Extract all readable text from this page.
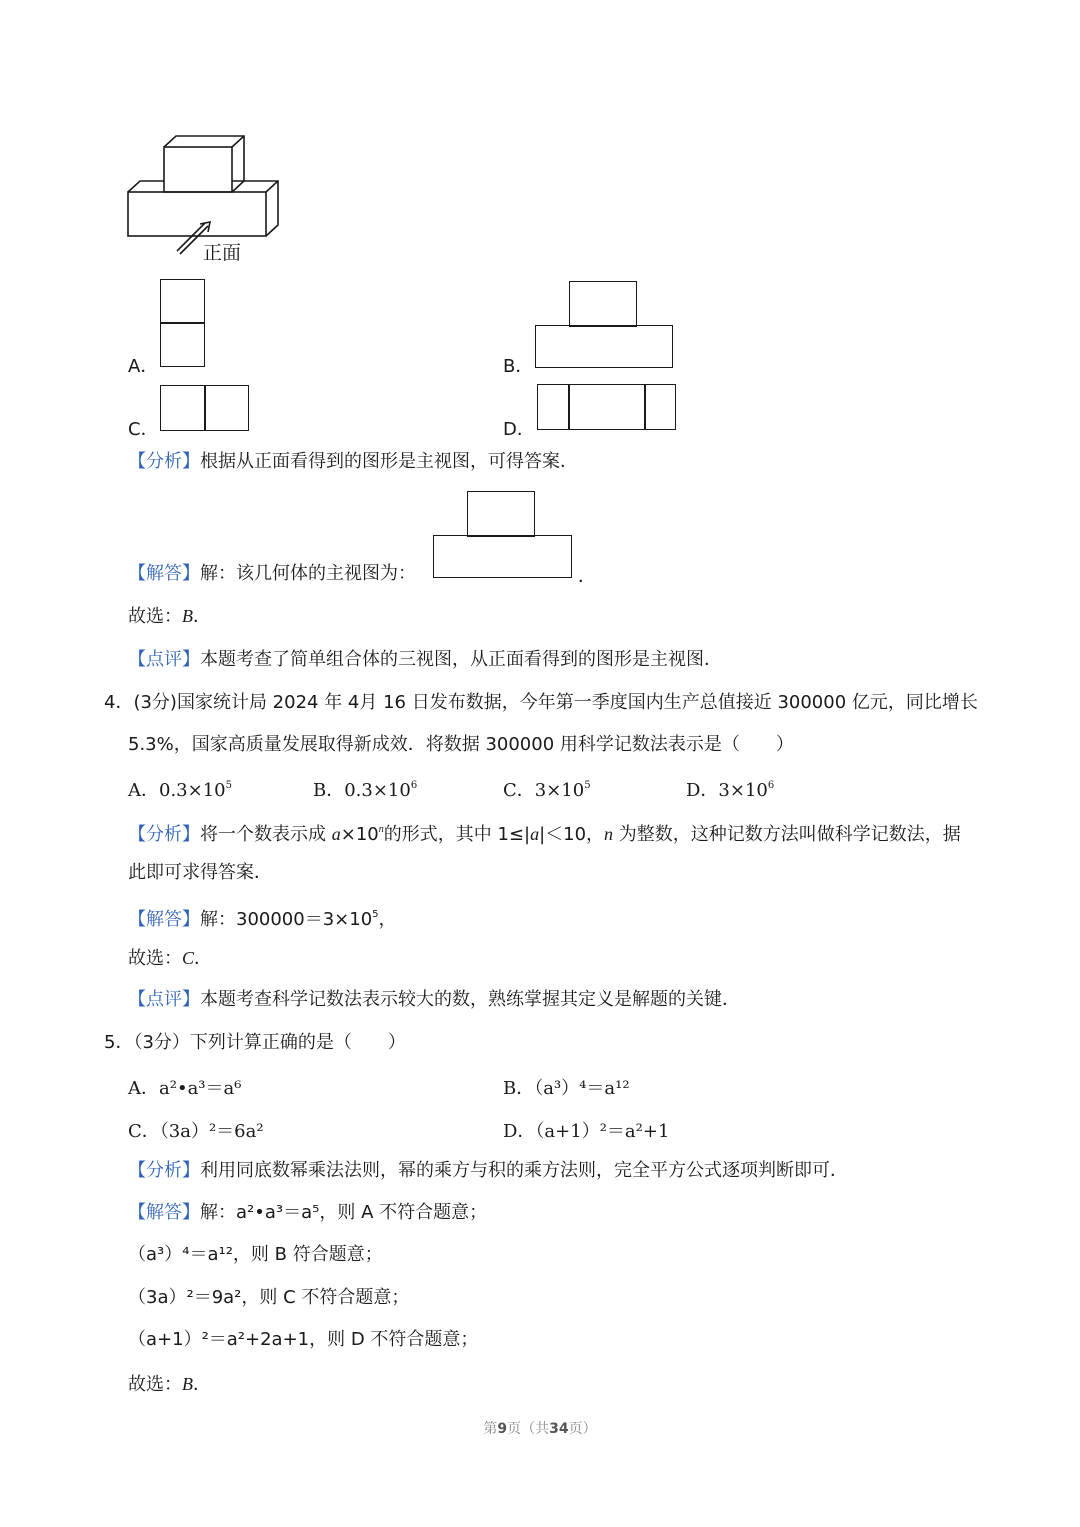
正面
A．	B．
C．	D．
【分析】根据从正面看得到的图形是主视图，可得答案．
【解答】解：该几何体的主视图为：	．
故选：B．
【点评】本题考查了简单组合体的三视图，从正面看得到的图形是主视图．
4．(3分)国家统计局 2024 年 4月 16 日发布数据，今年第一季度国内生产总值接近 300000 亿元，同比增长
5.3%，国家高质量发展取得新成效．将数据 300000 用科学记数法表示是（　　）
A．$0.3\times 10^5$	B．$0.3\times 10^6$	C．$3\times 10^5$	D．$3\times 10^6$
【分析】将一个数表示成 $a\times 10^n$的形式，其中 1≤|a|＜10，n 为整数，这种记数方法叫做科学记数法，据
此即可求得答案．
【解答】解：$300000=3\times 10^5$，
故选：C．
【点评】本题考查科学记数法表示较大的数，熟练掌握其定义是解题的关键．
5．（3分）下列计算正确的是（　　）
A．a²•a³＝a⁶	B．（a³）⁴＝a¹²
C．（3a）²＝6a²	D．（a+1）²＝a²+1
【分析】利用同底数幂乘法法则，幂的乘方与积的乘方法则，完全平方公式逐项判断即可．
【解答】解：a²•a³＝a⁵，则 A 不符合题意；
（a³）⁴＝a¹²，则 B 符合题意；
（3a）²＝9a²，则 C 不符合题意；
（a+1）²＝a²+2a+1，则 D 不符合题意；
故选：B．
第9页（共34页）
